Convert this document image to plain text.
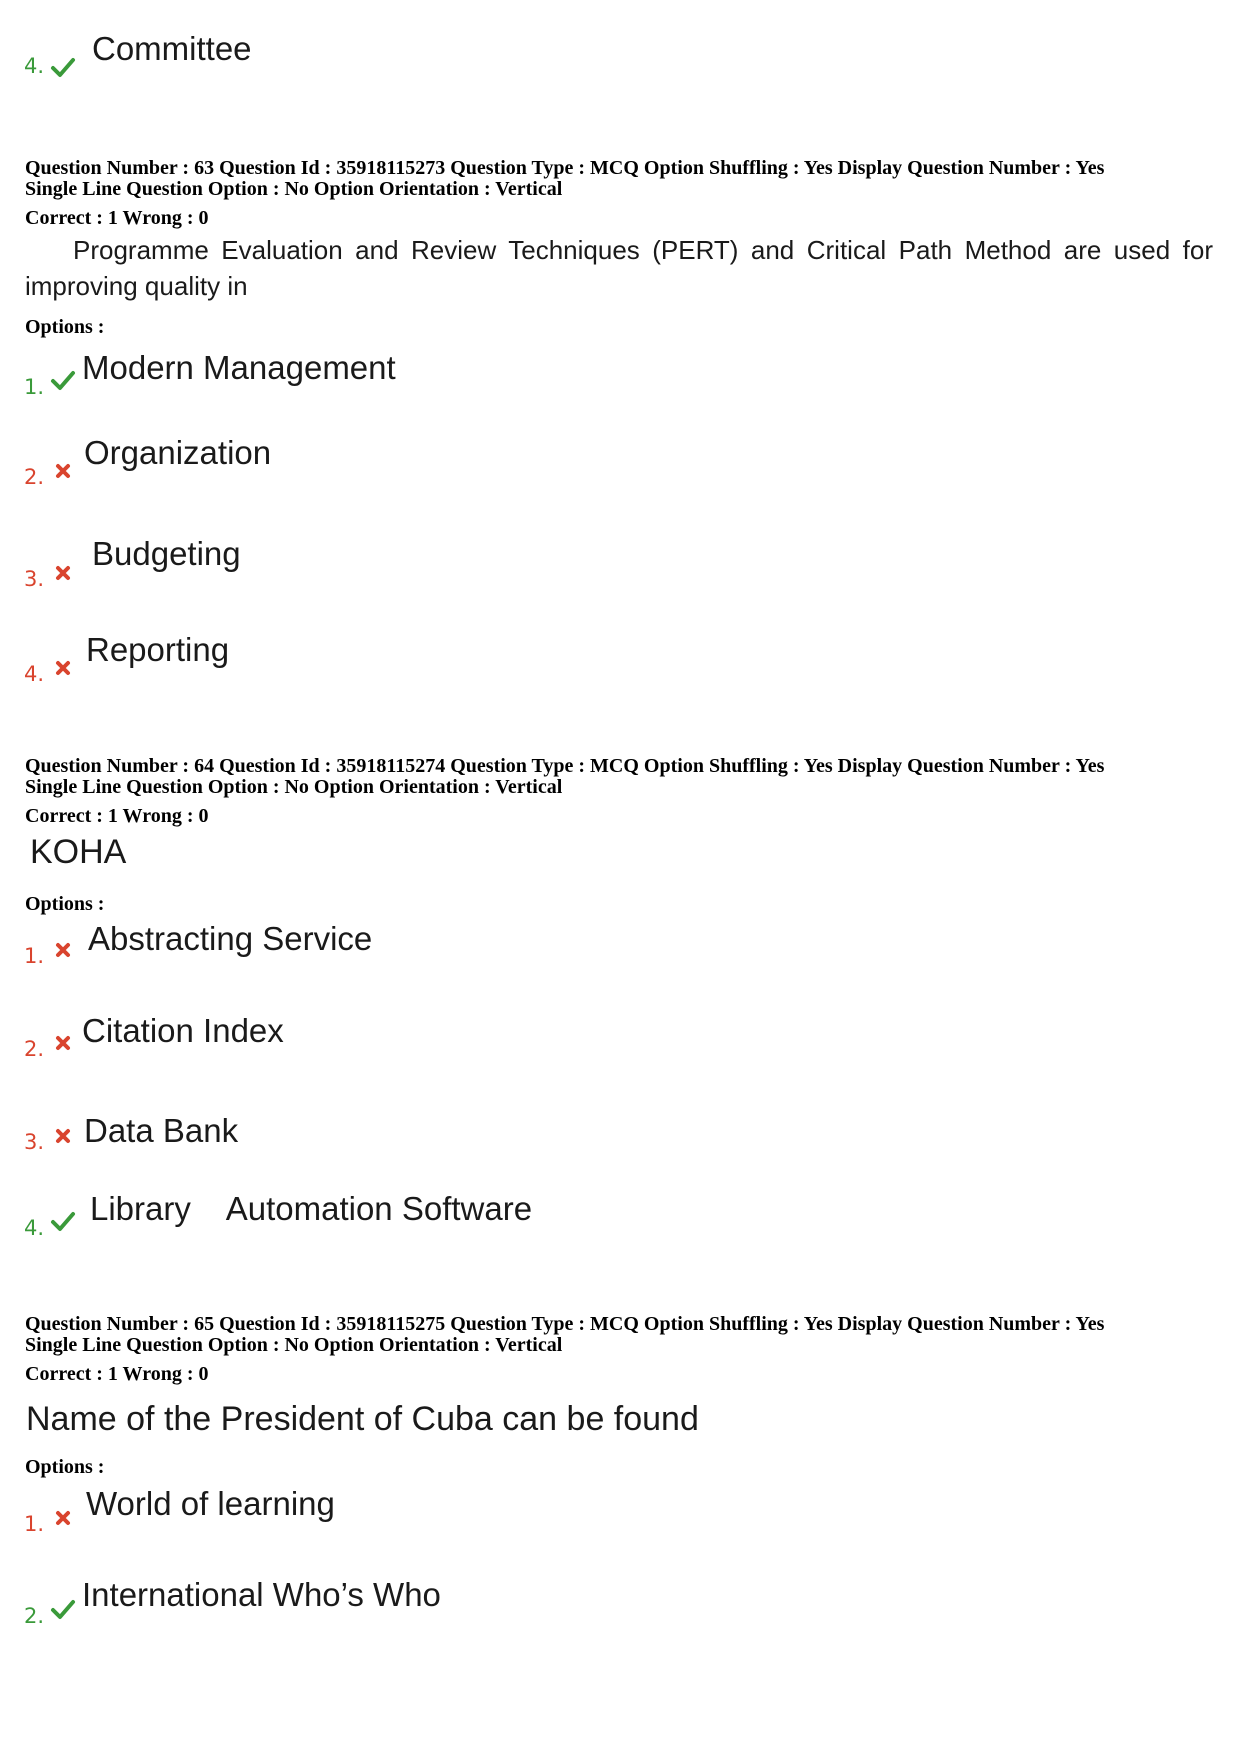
4. Committee
Question Number : 63 Question Id : 35918115273 Question Type : MCQ Option Shuffling : Yes Display Question Number : Yes
Single Line Question Option : No Option Orientation : Vertical
Correct : 1 Wrong : 0
Programme Evaluation and Review Techniques (PERT) and Critical Path Method are used for improving quality in
Options :
1.
Modern Management
2.
Organization
3.
Budgeting
4.
Reporting
Question Number : 64 Question Id : 35918115274 Question Type : MCQ Option Shuffling : Yes Display Question Number : Yes
Single Line Question Option : No Option Orientation : Vertical
Correct : 1 Wrong : 0
KOHA
Options :
1. Abstracting Service
2. Citation Index
3. Data Bank
4.
Library    Automation Software
Question Number : 65 Question Id : 35918115275 Question Type : MCQ Option Shuffling : Yes Display Question Number : Yes
Single Line Question Option : No Option Orientation : Vertical
Correct : 1 Wrong : 0
Name of the President of Cuba can be found
Options :
1.
World of learning
2.
International Who’s Who
